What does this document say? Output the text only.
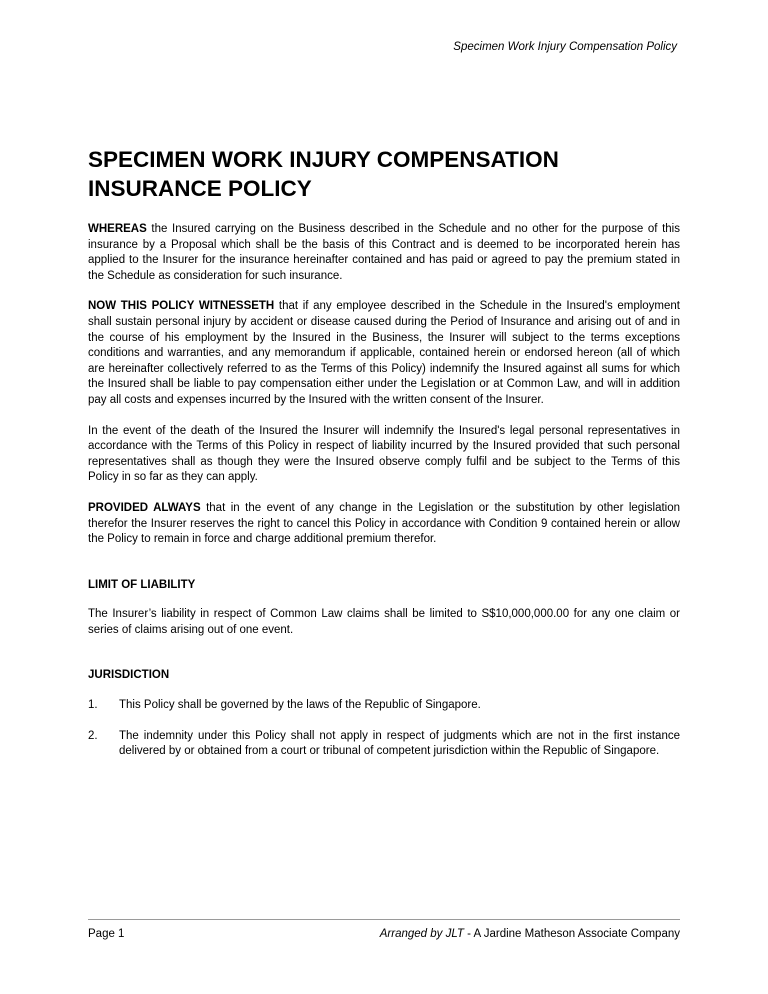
Specimen Work Injury Compensation Policy
SPECIMEN WORK INJURY COMPENSATION
INSURANCE POLICY

WHEREAS the Insured carrying on the Business described in the Schedule and no other for the purpose of this insurance by a Proposal which shall be the basis of this Contract and is deemed to be incorporated herein has applied to the Insurer for the insurance hereinafter contained and has paid or agreed to pay the premium stated in the Schedule as consideration for such insurance.

NOW THIS POLICY WITNESSETH that if any employee described in the Schedule in the Insured's employment shall sustain personal injury by accident or disease caused during the Period of Insurance and arising out of and in the course of his employment by the Insured in the Business, the Insurer will subject to the terms exceptions conditions and warranties, and any memorandum if applicable, contained herein or endorsed hereon (all of which are hereinafter collectively referred to as the Terms of this Policy) indemnify the Insured against all sums for which the Insured shall be liable to pay compensation either under the Legislation or at Common Law, and will in addition pay all costs and expenses incurred by the Insured with the written consent of the Insurer.

In the event of the death of the Insured the Insurer will indemnify the Insured's legal personal representatives in accordance with the Terms of this Policy in respect of liability incurred by the Insured provided that such personal representatives shall as though they were the Insured observe comply fulfil and be subject to the Terms of this Policy in so far as they can apply.

PROVIDED ALWAYS that in the event of any change in the Legislation or the substitution by other legislation therefor the Insurer reserves the right to cancel this Policy in accordance with Condition 9 contained herein or allow the Policy to remain in force and charge additional premium therefor.

LIMIT OF LIABILITY

The Insurer’s liability in respect of Common Law claims shall be limited to S$10,000,000.00 for any one claim or series of claims arising out of one event.

JURISDICTION
1.	This Policy shall be governed by the laws of the Republic of Singapore.
2.	The indemnity under this Policy shall not apply in respect of judgments which are not in the first instance delivered by or obtained from a court or tribunal of competent jurisdiction within the Republic of Singapore.
Page 1	Arranged by JLT - A Jardine Matheson Associate Company
